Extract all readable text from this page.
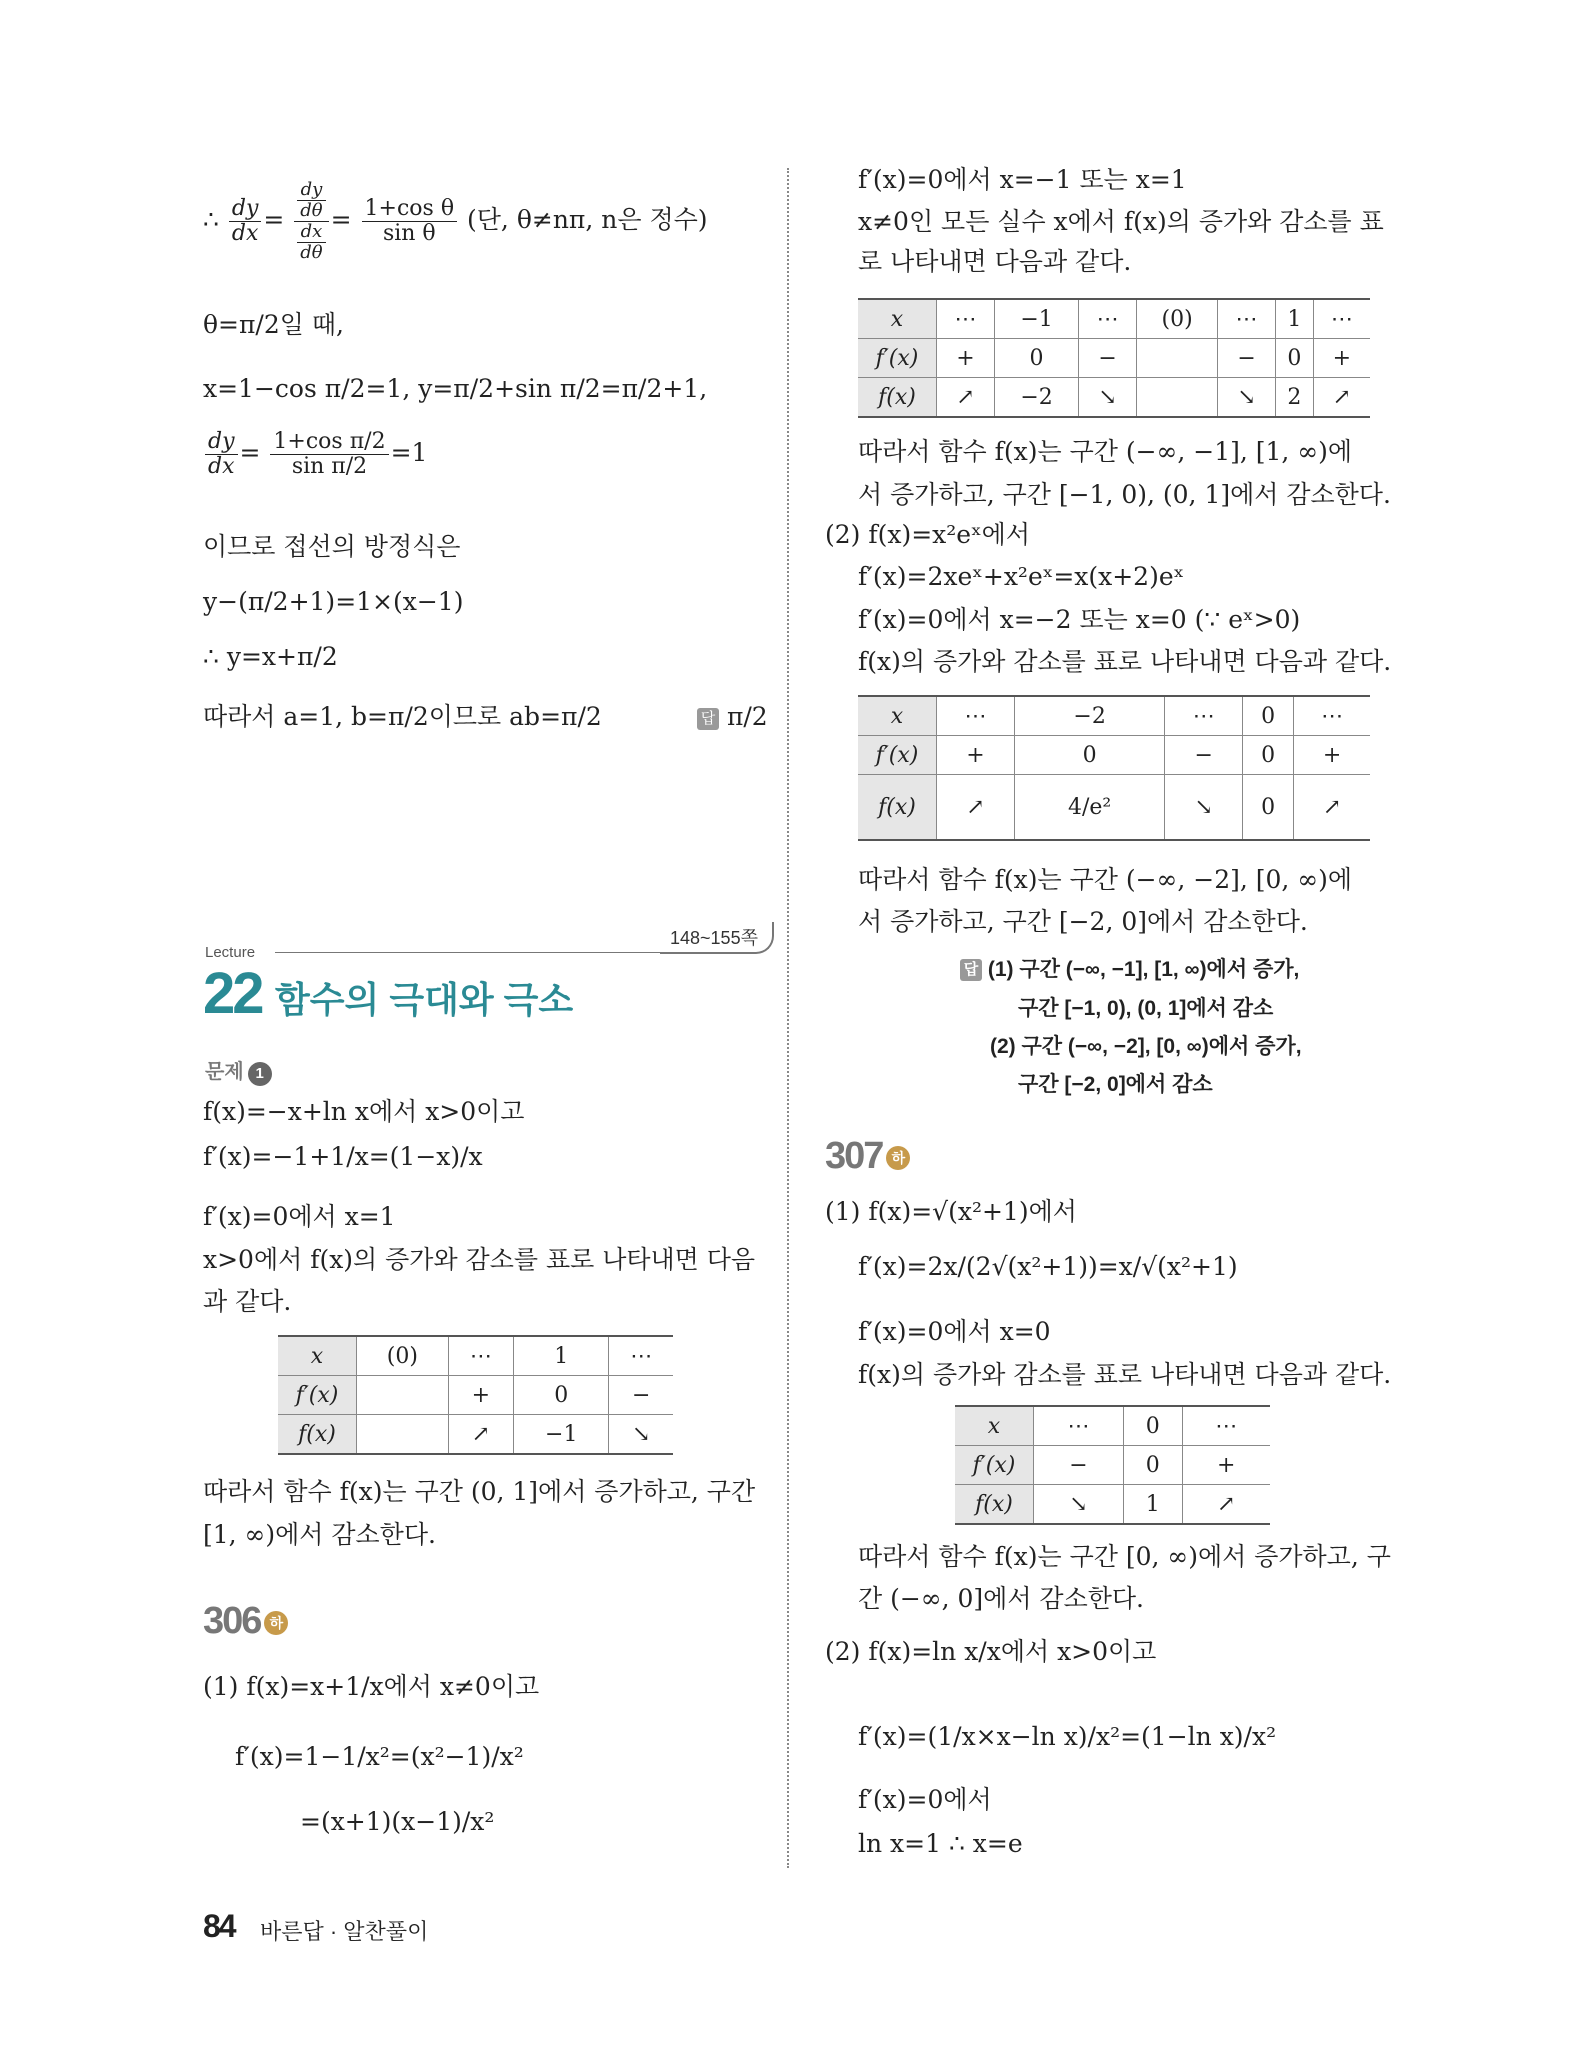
∴ $\frac{dy}{dx} = \frac{dy}{d\theta}$
$\frac{dx}{d\theta}$
= $\frac{\text{1+cos θ}}{\text{sin θ}}$ (단, θ≠nπ, n은 정수)
θ=π/2일 때,
x=1−cos π/2=1, y=π/2+sin π/2=π/2+1,
$\frac{dy}{dx} = \frac{\text{1+cos π/2}}{\text{sin π/2}} =1$
이므로 접선의 방정식은
y−(π/2+1)=1×(x−1)
∴ y=x+π/2
따라서 a=1, b=π/2이므로 ab=π/2	답 π/2
148~155쪽
Lecture
22 함수의 극대와 극소
문제 1
f(x)=−x+ln x에서 x>0이고
f′(x)=−1+1/x=(1−x)/x
f′(x)=0에서 x=1
x>0에서 f(x)의 증가와 감소를 표로 나타내면 다음
과 같다.
x	(0)	⋯	1	⋯
f′(x)		+	0	−
f(x)		↗	−1	↘
따라서 함수 f(x)는 구간 (0, 1]에서 증가하고, 구간
[1, ∞)에서 감소한다.
306 하
(1) f(x)=x+1/x에서 x≠0이고
f′(x)=1−1/x²=(x²−1)/x²
=(x+1)(x−1)/x²
f′(x)=0에서 x=−1 또는 x=1
x≠0인 모든 실수 x에서 f(x)의 증가와 감소를 표
로 나타내면 다음과 같다.
x	⋯	−1	⋯	(0)	⋯	1	⋯
f′(x)	+	0	−		−	0	+
f(x)	↗	−2	↘		↘	2	↗
따라서 함수 f(x)는 구간 (−∞, −1], [1, ∞)에
서 증가하고, 구간 [−1, 0), (0, 1]에서 감소한다.
(2) f(x)=x²eˣ에서
f′(x)=2xeˣ+x²eˣ=x(x+2)eˣ
f′(x)=0에서 x=−2 또는 x=0 (∵ eˣ>0)
f(x)의 증가와 감소를 표로 나타내면 다음과 같다.
x	⋯	−2	⋯	0	⋯
f′(x)	+	0	−	0	+
f(x)	↗	4/e²	↘	0	↗
따라서 함수 f(x)는 구간 (−∞, −2], [0, ∞)에
서 증가하고, 구간 [−2, 0]에서 감소한다.
답 (1) 구간 (−∞, −1], [1, ∞)에서 증가,
구간 [−1, 0), (0, 1]에서 감소
(2) 구간 (−∞, −2], [0, ∞)에서 증가,
구간 [−2, 0]에서 감소
307 하
(1) f(x)=√(x²+1)에서
f′(x)=2x/(2√(x²+1))=x/√(x²+1)
f′(x)=0에서 x=0
f(x)의 증가와 감소를 표로 나타내면 다음과 같다.
x	⋯	0	⋯
f′(x)	−	0	+
f(x)	↘	1	↗
따라서 함수 f(x)는 구간 [0, ∞)에서 증가하고, 구
간 (−∞, 0]에서 감소한다.
(2) f(x)=ln x/x에서 x>0이고
f′(x)=(1/x×x−ln x)/x²=(1−ln x)/x²
f′(x)=0에서
ln x=1 ∴ x=e
84 바른답 · 알찬풀이
